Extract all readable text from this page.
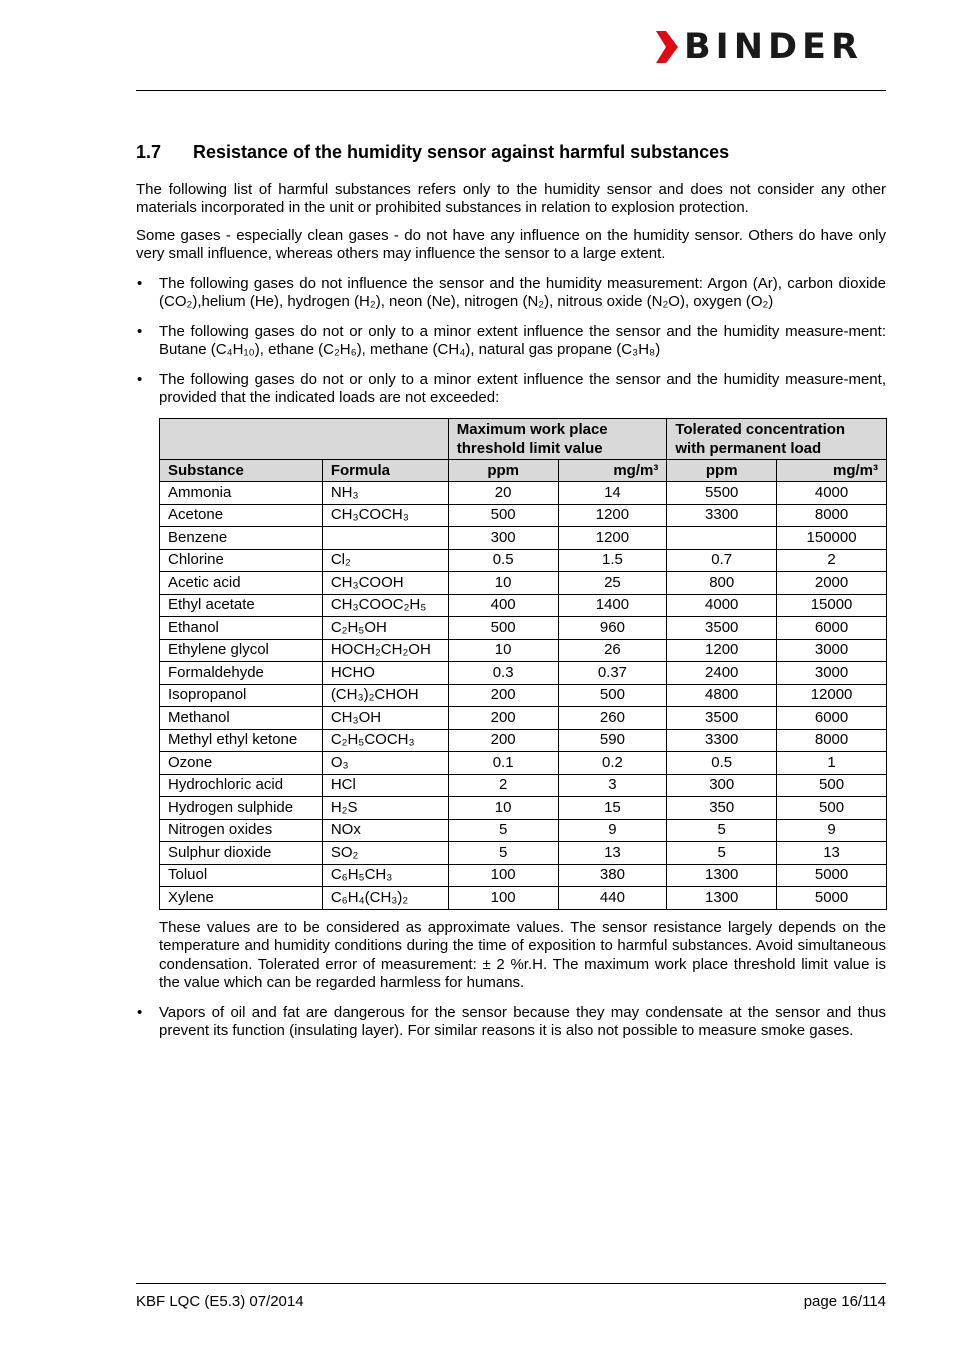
BINDER
1.7 Resistance of the humidity sensor against harmful substances

The following list of harmful substances refers only to the humidity sensor and does not consider any other materials incorporated in the unit or prohibited substances in relation to explosion protection.

Some gases - especially clean gases - do not have any influence on the humidity sensor. Others do have only very small influence, whereas others may influence the sensor to a large extent.

• The following gases do not influence the sensor and the humidity measurement: Argon (Ar), carbon dioxide (CO₂),helium (He), hydrogen (H₂), neon (Ne), nitrogen (N₂), nitrous oxide (N₂O), oxygen (O₂)

• The following gases do not or only to a minor extent influence the sensor and the humidity measure-ment: Butane (C₄H₁₀), ethane (C₂H₆), methane (CH₄), natural gas propane (C₃H₈)

• The following gases do not or only to a minor extent influence the sensor and the humidity measure-ment, provided that the indicated loads are not exceeded:

		Maximum work place threshold limit value		Tolerated concentration with permanent load	
Substance	Formula	ppm	mg/m³	ppm	mg/m³
Ammonia	NH₃	20	14	5500	4000
Acetone	CH₃COCH₃	500	1200	3300	8000
Benzene		300	1200		150000
Chlorine	Cl₂	0.5	1.5	0.7	2
Acetic acid	CH₃COOH	10	25	800	2000
Ethyl acetate	CH₃COOC₂H₅	400	1400	4000	15000
Ethanol	C₂H₅OH	500	960	3500	6000
Ethylene glycol	HOCH₂CH₂OH	10	26	1200	3000
Formaldehyde	HCHO	0.3	0.37	2400	3000
Isopropanol	(CH₃)₂CHOH	200	500	4800	12000
Methanol	CH₃OH	200	260	3500	6000
Methyl ethyl ketone	C₂H₅COCH₃	200	590	3300	8000
Ozone	O₃	0.1	0.2	0.5	1
Hydrochloric acid	HCl	2	3	300	500
Hydrogen sulphide	H₂S	10	15	350	500
Nitrogen oxides	NOx	5	9	5	9
Sulphur dioxide	SO₂	5	13	5	13
Toluol	C₆H₅CH₃	100	380	1300	5000
Xylene	C₆H₄(CH₃)₂	100	440	1300	5000

These values are to be considered as approximate values. The sensor resistance largely depends on the temperature and humidity conditions during the time of exposition to harmful substances. Avoid simultaneous condensation. Tolerated error of measurement: ± 2 %r.H. The maximum work place threshold limit value is the value which can be regarded harmless for humans.

• Vapors of oil and fat are dangerous for the sensor because they may condensate at the sensor and thus prevent its function (insulating layer). For similar reasons it is also not possible to measure smoke gases.

KBF LQC (E5.3) 07/2014	page 16/114
